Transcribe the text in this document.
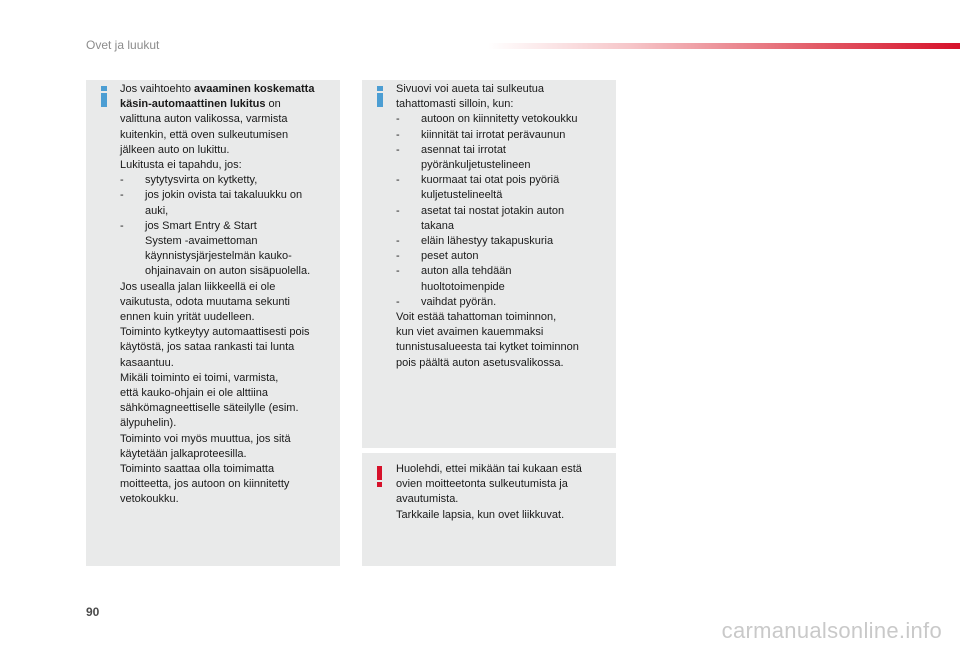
Ovet ja luukut
Jos vaihtoehto avaaminen koskematta
käsin-automaattinen lukitus on
valittuna auton valikossa, varmista
kuitenkin, että oven sulkeutumisen
jälkeen auto on lukittu.
Lukitusta ei tapahdu, jos:
- sytytysvirta on kytketty,
- jos jokin ovista tai takaluukku on
auki,
- jos Smart Entry & Start
System -avaimettoman
käynnistysjärjestelmän kauko-
ohjainavain on auton sisäpuolella.
Jos usealla jalan liikkeellä ei ole
vaikutusta, odota muutama sekunti
ennen kuin yrität uudelleen.
Toiminto kytkeytyy automaattisesti pois
käytöstä, jos sataa rankasti tai lunta
kasaantuu.
Mikäli toiminto ei toimi, varmista,
että kauko-ohjain ei ole alttiina
sähkömagneettiselle säteilylle (esim.
älypuhelin).
Toiminto voi myös muuttua, jos sitä
käytetään jalkaproteesilla.
Toiminto saattaa olla toimimatta
moitteetta, jos autoon on kiinnitetty
vetokoukku.
Sivuovi voi aueta tai sulkeutua
tahattomasti silloin, kun:
- autoon on kiinnitetty vetokoukku
- kiinnität tai irrotat perävaunun
- asennat tai irrotat
pyöränkuljetustelineen
- kuormaat tai otat pois pyöriä
kuljetustelineeltä
- asetat tai nostat jotakin auton
takana
- eläin lähestyy takapuskuria
- peset auton
- auton alla tehdään
huoltotoimenpide
- vaihdat pyörän.
Voit estää tahattoman toiminnon,
kun viet avaimen kauemmaksi
tunnistusalueesta tai kytket toiminnon
pois päältä auton asetusvalikossa.
Huolehdi, ettei mikään tai kukaan estä
ovien moitteetonta sulkeutumista ja
avautumista.
Tarkkaile lapsia, kun ovet liikkuvat.
90
carmanualsonline.info
